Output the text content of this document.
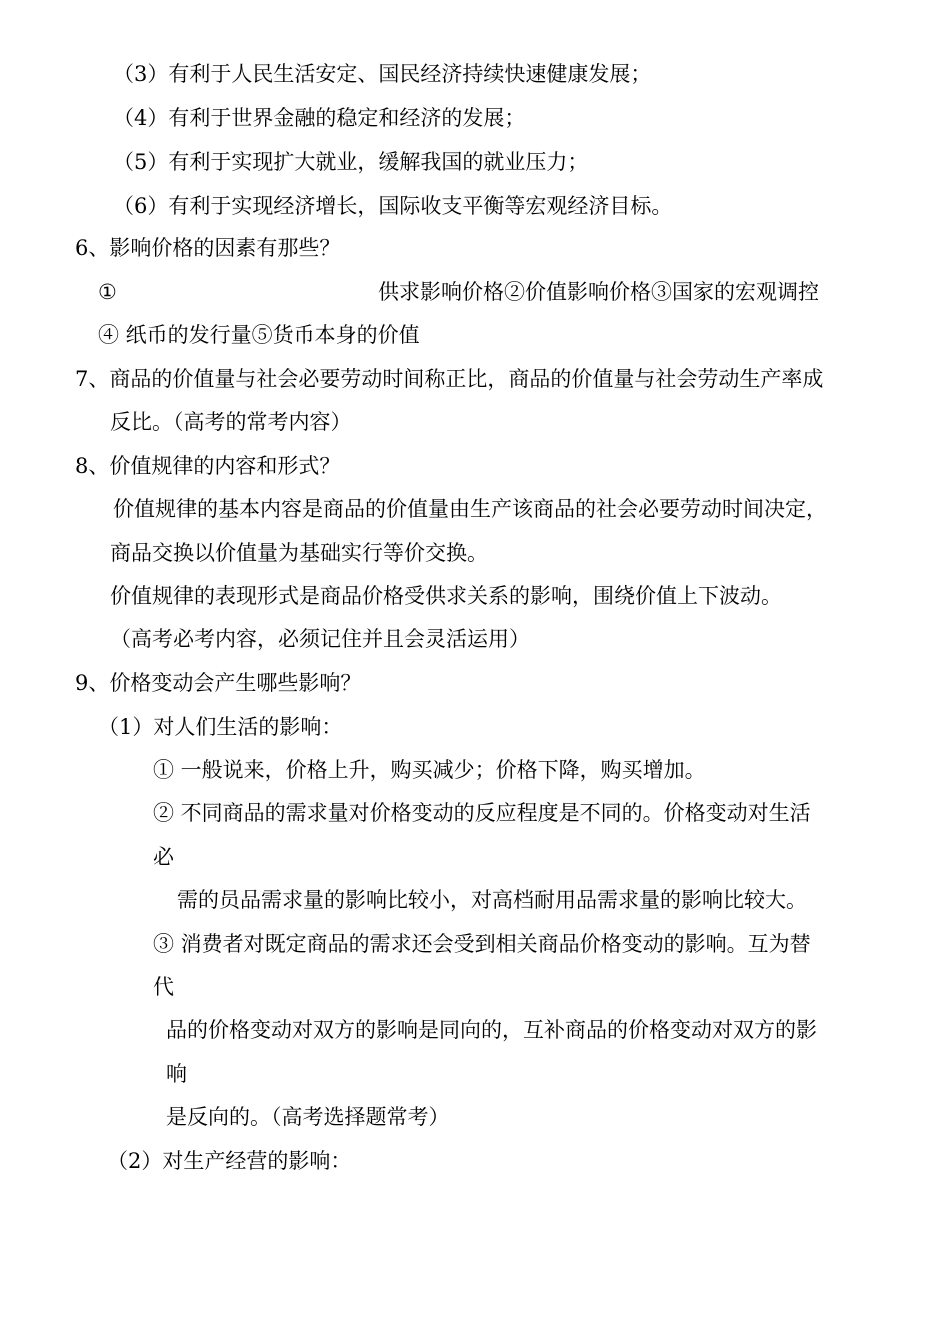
（3）有利于人民生活安定、国民经济持续快速健康发展；
（4）有利于世界金融的稳定和经济的发展；
（5）有利于实现扩大就业，缓解我国的就业压力；
（6）有利于实现经济增长，国际收支平衡等宏观经济目标。
6、影响价格的因素有那些？
①	供求影响价格②价值影响价格③国家的宏观调控
④ 纸币的发行量⑤货币本身的价值
7、商品的价值量与社会必要劳动时间称正比，商品的价值量与社会劳动生产率成
反比。（高考的常考内容）
8、价值规律的内容和形式？
价值规律的基本内容是商品的价值量由生产该商品的社会必要劳动时间决定，
商品交换以价值量为基础实行等价交换。
价值规律的表现形式是商品价格受供求关系的影响，围绕价值上下波动。
（高考必考内容，必须记住并且会灵活运用）
9、价格变动会产生哪些影响？
（1）对人们生活的影响：
① 一般说来，价格上升，购买减少；价格下降，购买增加。
② 不同商品的需求量对价格变动的反应程度是不同的。价格变动对生活
必
需的员品需求量的影响比较小，对高档耐用品需求量的影响比较大。
③ 消费者对既定商品的需求还会受到相关商品价格变动的影响。互为替
代
品的价格变动对双方的影响是同向的，互补商品的价格变动对双方的影
响
是反向的。（高考选择题常考）
（2）对生产经营的影响：
